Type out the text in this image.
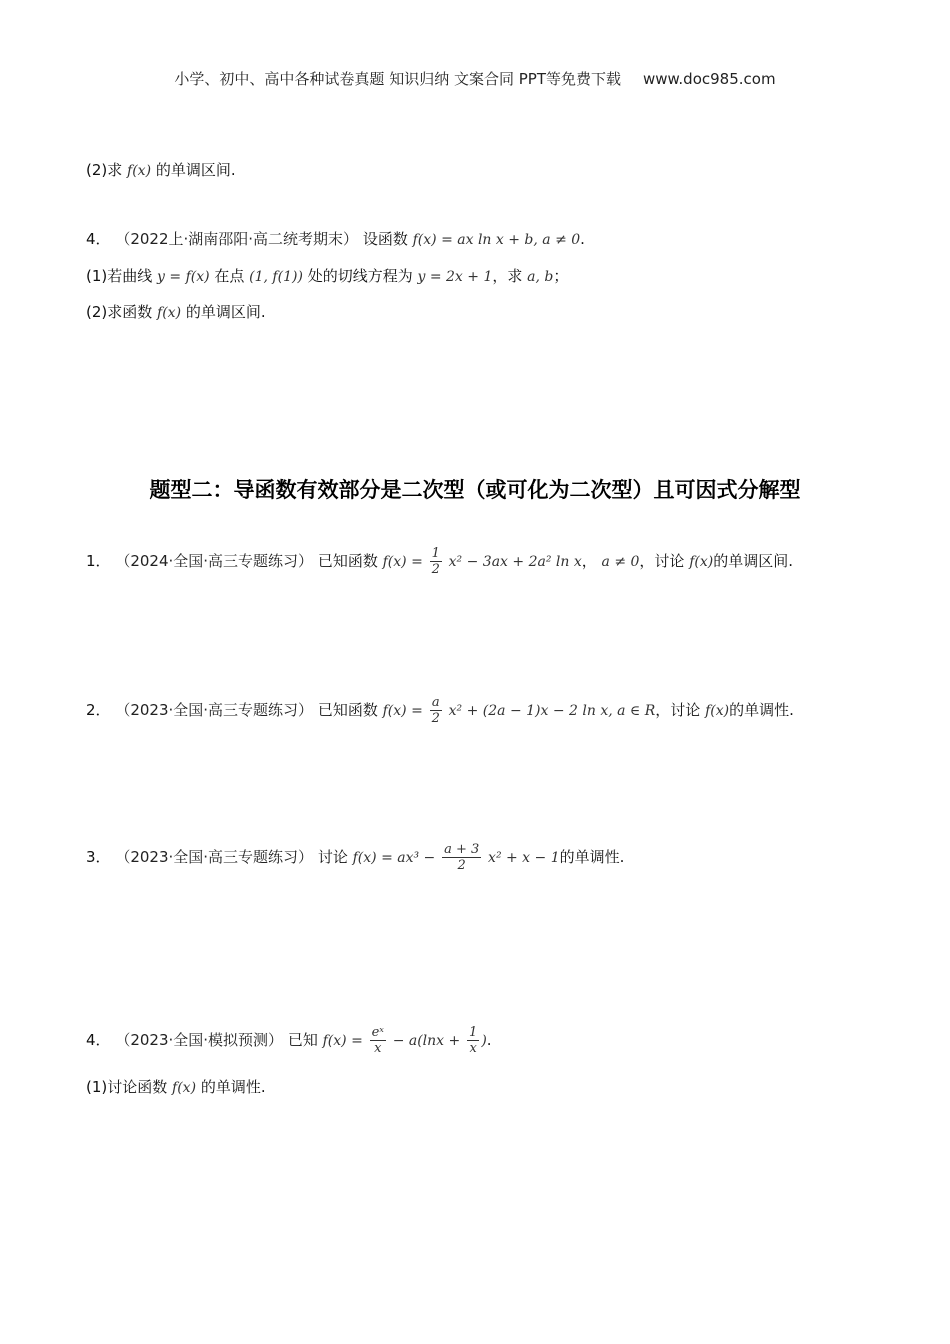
小学、初中、高中各种试卷真题 知识归纳 文案合同 PPT等免费下载 www.doc985.com
(2)求 f(x) 的单调区间.
4． （2022上·湖南邵阳·高二统考期末） 设函数 f(x) = ax ln x + b, a ≠ 0.
(1)若曲线 y = f(x) 在点 (1, f(1)) 处的切线方程为 y = 2x + 1，求 a, b；
(2)求函数 f(x) 的单调区间.
题型二：导函数有效部分是二次型（或可化为二次型）且可因式分解型
1． （2024·全国·高三专题练习） 已知函数 $f(x) = \frac{1}{2} x^2 - 3ax + 2a^2$ ln x， a ≠ 0，讨论 f(x)的单调区间.
2． （2023·全国·高三专题练习） 已知函数 $f(x) = \frac{a}{2} x^2 + (2a - 1)x - 2$ ln x, a ∈ R，讨论 f(x)的单调性.
3． （2023·全国·高三专题练习） 讨论 $f(x) = ax^3 - \frac{a + 3}{2} x^2 + x - 1$的单调性.
4． （2023·全国·模拟预测） 已知 $f(x) = \frac{\text{eˣ}}{x} - a(\ln x + \frac{1}{x}$ ).
(1)讨论函数 f(x) 的单调性.
